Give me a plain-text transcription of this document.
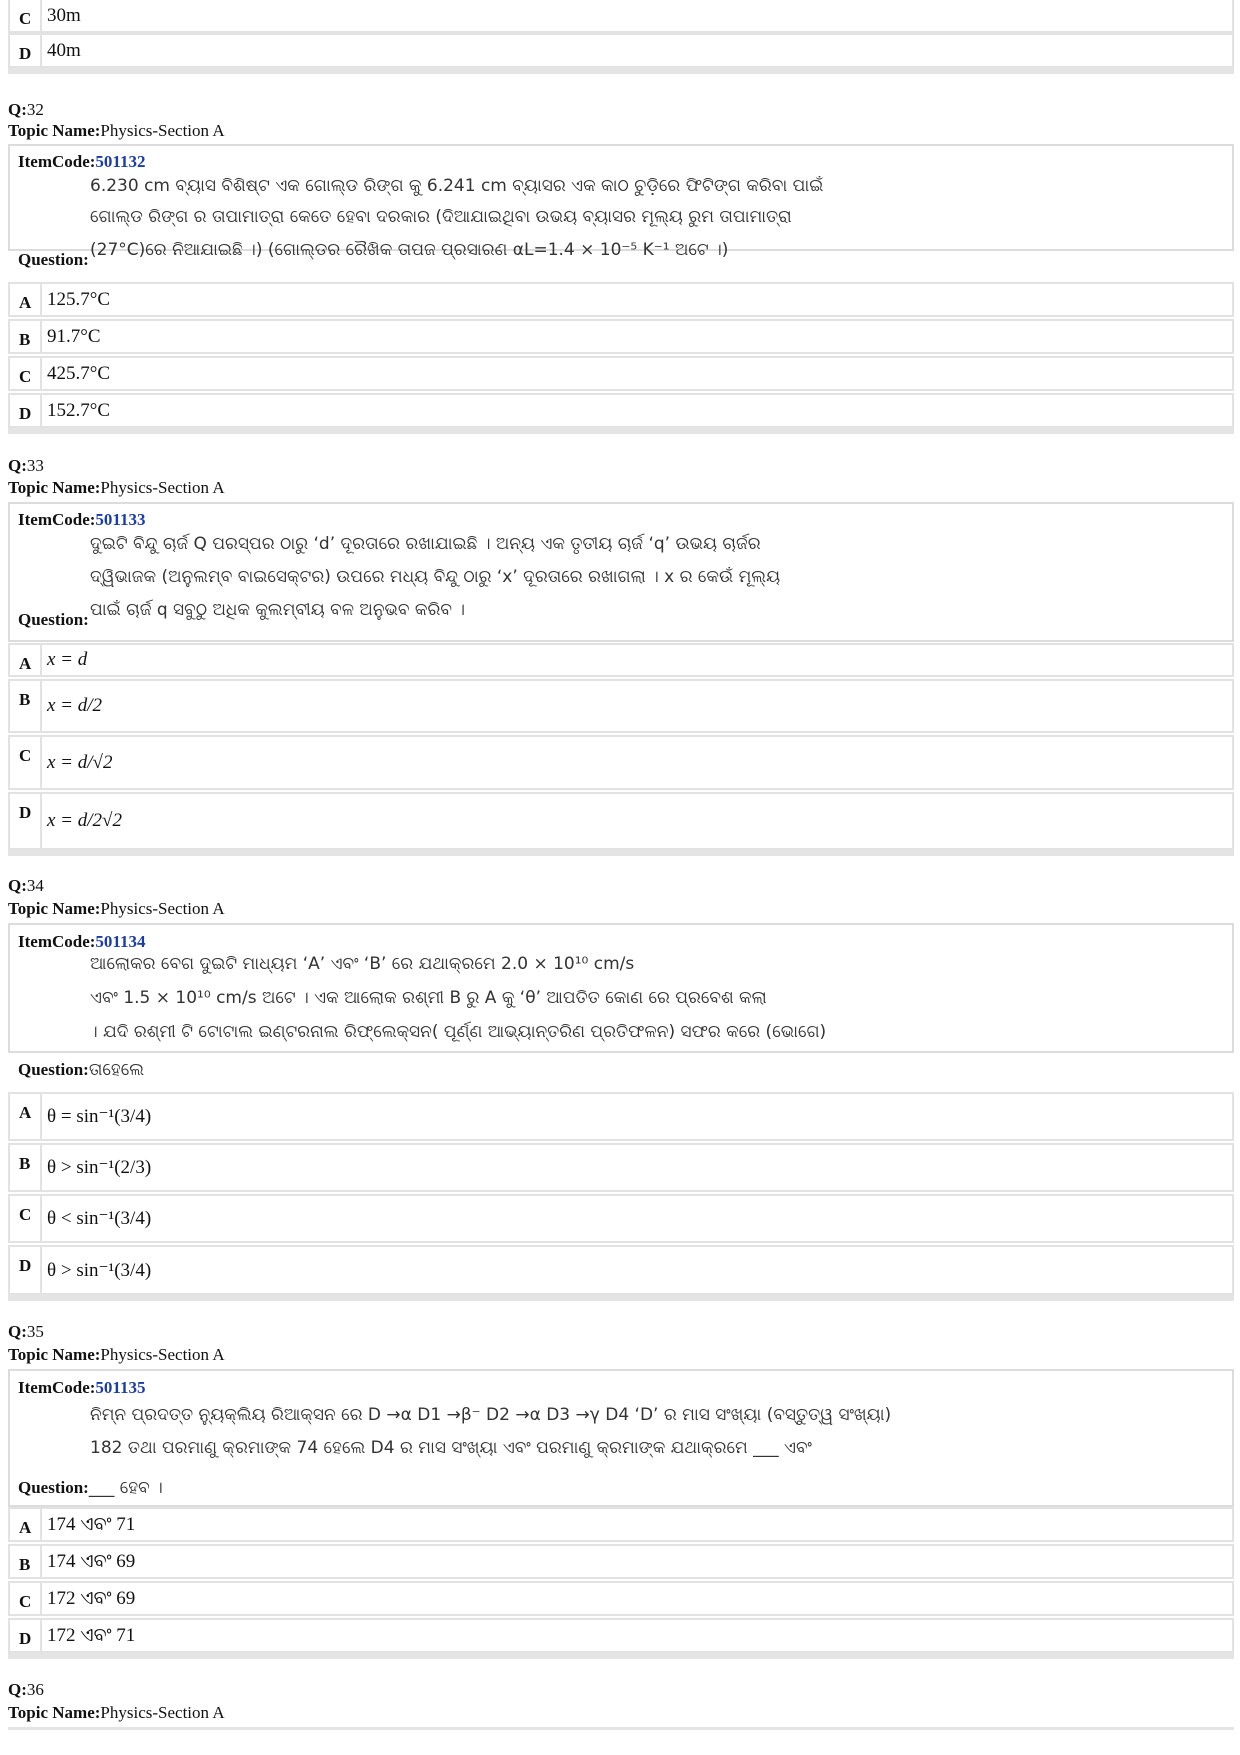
C 30m
D 40m
Q:32
Topic Name:Physics-Section A
ItemCode:501132
6.230 cm ବ୍ୟାସ ବିଶିଷ୍ଟ ଏକ ଗୋଲ୍ଡ ରିଙ୍ଗ କୁ 6.241 cm ବ୍ୟାସର ଏକ କାଠ ଚୁଡ଼ିରେ ଫିଟିଙ୍ଗ କରିବା ପାଇଁ
ଗୋଲ୍ଡ ରିଙ୍ଗ ର ତାପାମାତ୍ରା କେତେ ହେବା ଦରକାର (ଦିଆଯାଇଥିବା ଉଭୟ ବ୍ୟାସର ମୂଲ୍ୟ ରୁମ ତାପାମାତ୍ରା
Question: (27°C)ରେ ନିଆଯାଇଛି ।) (ଗୋଲ୍ଡର ରୈଖିକ ତାପଜ ପ୍ରସାରଣ αL=1.4 × 10⁻⁵ K⁻¹ ଅଟେ ।)
A 125.7°C
B 91.7°C
C 425.7°C
D 152.7°C
Q:33
Topic Name:Physics-Section A
ItemCode:501133
ଦୁଇଟି ବିନ୍ଦୁ ଚାର୍ଜ Q ପରସ୍ପର ଠାରୁ ‘d’ ଦୂରତାରେ ରଖାଯାଇଛି । ଅନ୍ୟ ଏକ ତୃତୀୟ ଚାର୍ଜ ‘q’ ଉଭୟ ଚାର୍ଜର
ଦ୍ୱିଭାଜକ (ଅନୁଲମ୍ବ ବାଇସେକ୍ଟର) ଉପରେ ମଧ୍ୟ ବିନ୍ଦୁ ଠାରୁ ‘x’ ଦୂରତାରେ ରଖାଗଲା । x ର କେଉଁ ମୂଲ୍ୟ
Question: ପାଇଁ ଚାର୍ଜ q ସବୁଠୁ ଅଧିକ କୁଲମ୍ବୀୟ ବଳ ଅନୁଭବ କରିବ ।
A x = d
B x = d/2
C x = d/√2
D x = d/2√2
Q:34
Topic Name:Physics-Section A
ItemCode:501134
ଆଲୋକର ବେଗ ଦୁଇଟି ମାଧ୍ୟମ ‘A’ ଏବଂ ‘B’ ରେ ଯଥାକ୍ରମେ 2.0 × 10¹⁰ cm/s
ଏବଂ 1.5 × 10¹⁰ cm/s ଅଟେ । ଏକ ଆଲୋକ ରଶ୍ମୀ B ରୁ A କୁ ‘θ’ ଆପତିତ କୋଣ ରେ ପ୍ରବେଶ କଲା
। ଯଦି ରଶ୍ମୀ ଟି ଟୋଟାଲ ଇଣ୍ଟରନାଲ ରିଫ୍ଲେକ୍ସନ( ପୂର୍ଣ୍ଣ ଆଭ୍ୟାନ୍ତରିଣ ପ୍ରତିଫଳନ) ସଫର କରେ (ଭୋଗେ)
Question:ତାହେଲେ
A θ = sin⁻¹(3/4)
B θ > sin⁻¹(2/3)
C θ < sin⁻¹(3/4)
D θ > sin⁻¹(3/4)
Q:35
Topic Name:Physics-Section A
ItemCode:501135
ନିମ୍ନ ପ୍ରଦତ୍ତ ନ୍ୟୁକ୍ଲିୟ ରିଆକ୍ସନ ରେ D →α D1 →β⁻ D2 →α D3 →γ D4 ‘D’ ର ମାସ ସଂଖ୍ୟା (ବସ୍ତୁତ୍ୱ ସଂଖ୍ୟା)
182 ତଥା ପରମାଣୁ କ୍ରମାଙ୍କ 74 ହେଲେ D4 ର ମାସ ସଂଖ୍ୟା ଏବଂ ପରମାଣୁ କ୍ରମାଙ୍କ ଯଥାକ୍ରମେ ___ ଏବଂ
Question:___ ହେବ ।
A 174 ଏବଂ 71
B 174 ଏବଂ 69
C 172 ଏବଂ 69
D 172 ଏବଂ 71
Q:36
Topic Name:Physics-Section A
